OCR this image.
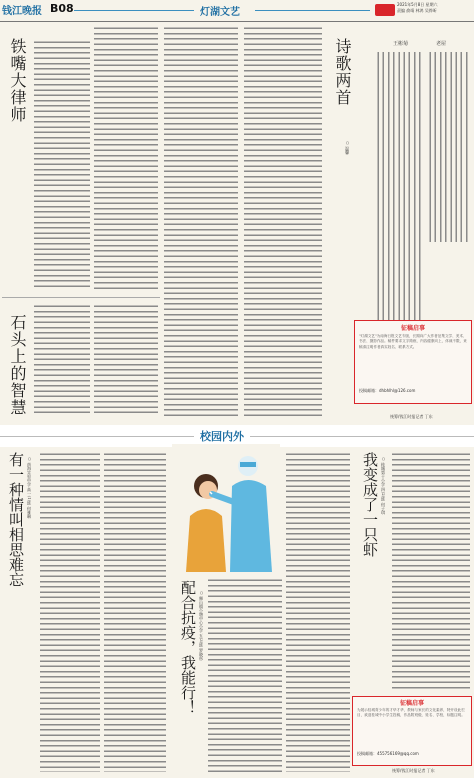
钱江晚报 B08	灯湖文艺
2021年5月8日 星期六
责编 俞靖 林鸿 吴烨昕
铁嘴大律师
石头上的智慧
诗歌两首
○ 温馨
王彬菊	老屋
征稿启事
"灯湖文艺"为南海日报文艺专版，长期向广大作者征集文学、美术、书法、摄影作品。稿件要求文字简练，内容健康向上，体裁不限，来稿请注明作者真实姓名、联系方式。
投稿邮箱：dhbhlhl@126.com
统筹/钱江时报记者 丁东
校园内外
有一种情叫相思难忘 ○ 南海实验中学 高一(1)班 何雅琳
配合抗疫，我能行！ ○ 狮山镇小塘中心小学 五(3)班 罗晓彤
我变成了一只虾 ○ 桂城第十小学 四(2)班 何子琪
征稿启事
为展示桂城青少年的才华才华，教师与家长的文化素养，特开设此栏目，欢迎桂城中小学生投稿，作品附班级、姓名、学校，标题注明。
投稿邮箱：455756169@qq.com
统筹/钱江时报记者 丁东
